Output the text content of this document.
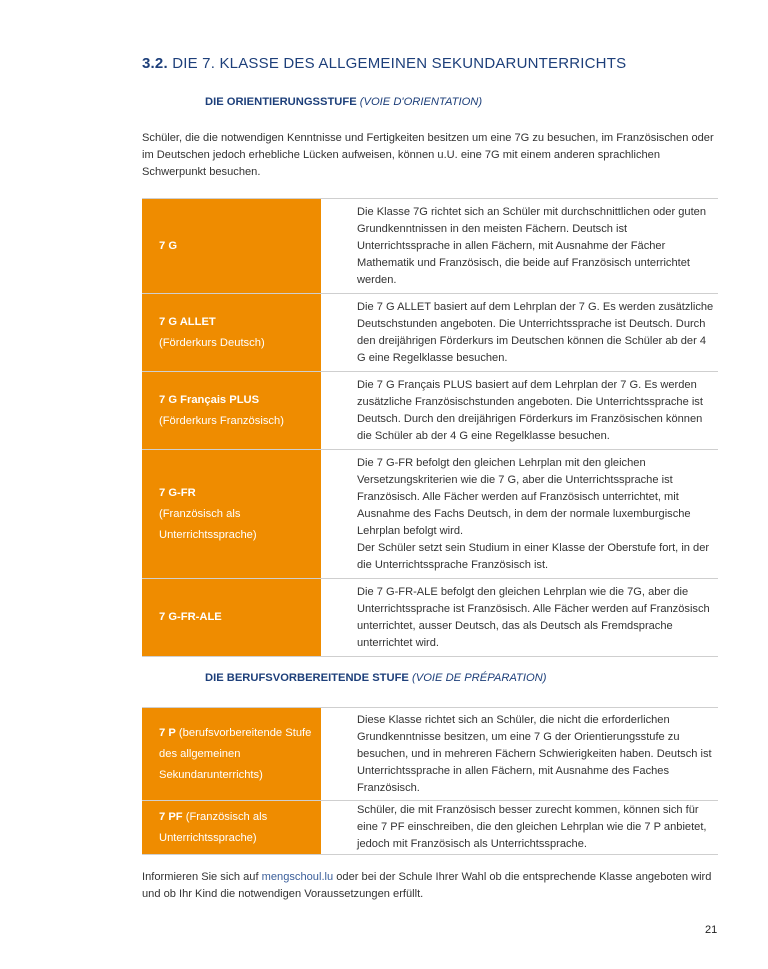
3.2. DIE 7. KLASSE DES ALLGEMEINEN SEKUNDARUNTERRICHTS
DIE ORIENTIERUNGSSTUFE (VOIE D'ORIENTATION)
Schüler, die die notwendigen Kenntnisse und Fertigkeiten besitzen um eine 7G zu besuchen, im Französischen oder im Deutschen jedoch erhebliche Lücken aufweisen, können u.U. eine 7G mit einem anderen sprachlichen Schwerpunkt besuchen.
7 G

Die Klasse 7G richtet sich an Schüler mit durchschnittlichen oder guten Grundkenntnissen in den meisten Fächern. Deutsch ist Unterrichtssprache in allen Fächern, mit Ausnahme der Fächer Mathematik und Französisch, die beide auf Französisch unterrichtet werden.

7 G ALLET
(Förderkurs Deutsch)

Die 7 G ALLET basiert auf dem Lehrplan der 7 G. Es werden zusätzliche Deutschstunden angeboten. Die Unterrichtssprache ist Deutsch. Durch den dreijährigen Förderkurs im Deutschen können die Schüler ab der 4 G eine Regelklasse besuchen.

7 G Français PLUS
(Förderkurs Französisch)

Die 7 G Français PLUS basiert auf dem Lehrplan der 7 G. Es werden zusätzliche Französischstunden angeboten. Die Unterrichtssprache ist Deutsch. Durch den dreijährigen Förderkurs im Französischen können die Schüler ab der 4 G eine Regelklasse besuchen.

7 G-FR
(Französisch als Unterrichtssprache)

Die 7 G-FR befolgt den gleichen Lehrplan mit den gleichen Versetzungskriterien wie die 7 G, aber die Unterrichtssprache ist Französisch. Alle Fächer werden auf Französisch unterrichtet, mit Ausnahme des Fachs Deutsch, in dem der normale luxemburgische Lehrplan befolgt wird.

Der Schüler setzt sein Studium in einer Klasse der Oberstufe fort, in der die Unterrichtssprache Französisch ist.

7 G-FR-ALE

Die 7 G-FR-ALE befolgt den gleichen Lehrplan wie die 7G, aber die Unterrichtssprache ist Französisch. Alle Fächer werden auf Französisch unterrichtet, ausser Deutsch, das als Deutsch als Fremdsprache unterrichtet wird.

DIE BERUFSVORBEREITENDE STUFE (VOIE DE PRÉPARATION)
7 P (berufsvorbereitende Stufe des allgemeinen Sekundarunterrichts)

Diese Klasse richtet sich an Schüler, die nicht die erforderlichen Grundkenntnisse besitzen, um eine 7 G der Orientierungsstufe zu besuchen, und in mehreren Fächern Schwierigkeiten haben. Deutsch ist Unterrichtssprache in allen Fächern, mit Ausnahme des Faches Französisch.

7 PF (Französisch als Unterrichtssprache)

Schüler, die mit Französisch besser zurecht kommen, können sich für eine 7 PF einschreiben, die den gleichen Lehrplan wie die 7 P anbietet, jedoch mit Französisch als Unterrichtssprache.

Informieren Sie sich auf mengschoul.lu oder bei der Schule Ihrer Wahl ob die entsprechende Klasse angeboten wird und ob Ihr Kind die notwendigen Voraussetzungen erfüllt.
21
